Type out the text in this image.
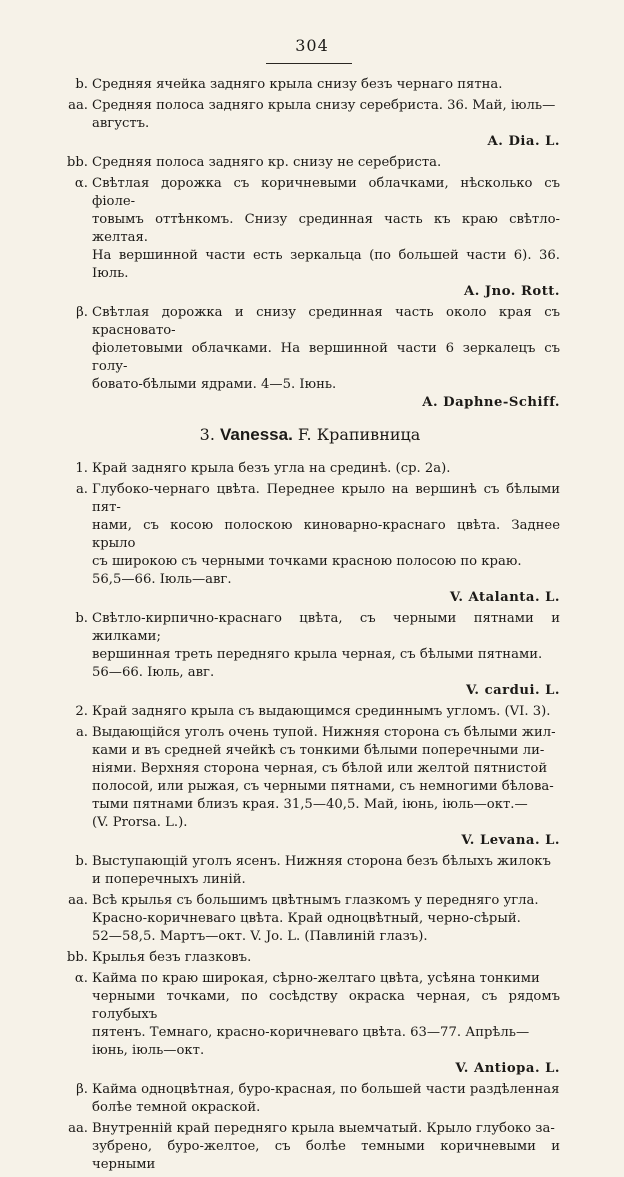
304
b. Средняя ячейка задняго крыла снизу безъ чернаго пятна.
aa. Средняя полоса задняго крыла снизу серебриста. 36. Май, іюль—
августъ.
A. Dia. L.
bb. Средняя полоса задняго кр. снизу не серебриста.
α. Свѣтлая дорожка съ коричневыми облачками, нѣсколько съ фіоле-
товымъ оттѣнкомъ. Снизу срединная часть къ краю свѣтло-желтая.
На вершинной части есть зеркальца (по большей части 6). 36. Іюль.
A. Jno. Rott.
β. Свѣтлая дорожка и снизу срединная часть около края съ красновато-
фіолетовыми облачками. На вершинной части 6 зеркалецъ съ голу-
бовато-бѣлыми ядрами. 4—5. Іюнь.
A. Daphne-Schiff.
3. Vanessa. F. Крапивница
1. Край задняго крыла безъ угла на срединѣ. (ср. 2а).
a. Глубоко-чернаго цвѣта. Переднее крыло на вершинѣ съ бѣлыми пят-
нами, съ косою полоскою киноварно-краснаго цвѣта. Заднее крыло
съ широкою съ черными точками красною полосою по краю.
56,5—66. Іюль—авг.
V. Atalanta. L.
b. Свѣтло-кирпично-краснаго цвѣта, съ черными пятнами и жилками;
вершинная треть передняго крыла черная, съ бѣлыми пятнами.
56—66. Іюль, авг.
V. cardui. L.
2. Край задняго крыла съ выдающимся срединнымъ угломъ. (VI. 3).
a. Выдающійся уголъ очень тупой. Нижняя сторона съ бѣлыми жил-
ками и въ средней ячейкѣ съ тонкими бѣлыми поперечными ли-
ніями. Верхняя сторона черная, съ бѣлой или желтой пятнистой
полосой, или рыжая, съ черными пятнами, съ немногими бѣлова-
тыми пятнами близъ края. 31,5—40,5. Май, іюнь, іюль—окт.—
(V. Prorsa. L.).
V. Levana. L.
b. Выступающій уголъ ясенъ. Нижняя сторона безъ бѣлыхъ жилокъ
и поперечныхъ линій.
aa. Всѣ крылья съ большимъ цвѣтнымъ глазкомъ у передняго угла.
Красно-коричневаго цвѣта. Край одноцвѣтный, черно-сѣрый.
52—58,5. Мартъ—окт. V. Jo. L. (Павлиній глазъ).
bb. Крылья безъ глазковъ.
α. Кайма по краю широкая, сѣрно-желтаго цвѣта, усѣяна тонкими
черными точками, по сосѣдству окраска черная, съ рядомъ голубыхъ
пятенъ. Темнаго, красно-коричневаго цвѣта. 63—77. Апрѣль—
іюнь, іюль—окт.
V. Antiopa. L.
β. Кайма одноцвѣтная, буро-красная, по большей части раздѣленная
болѣе темной окраской.
aa. Внутренній край передняго крыла выемчатый. Крыло глубоко за-
зубрено, буро-желтое, съ болѣе темными коричневыми и черными
